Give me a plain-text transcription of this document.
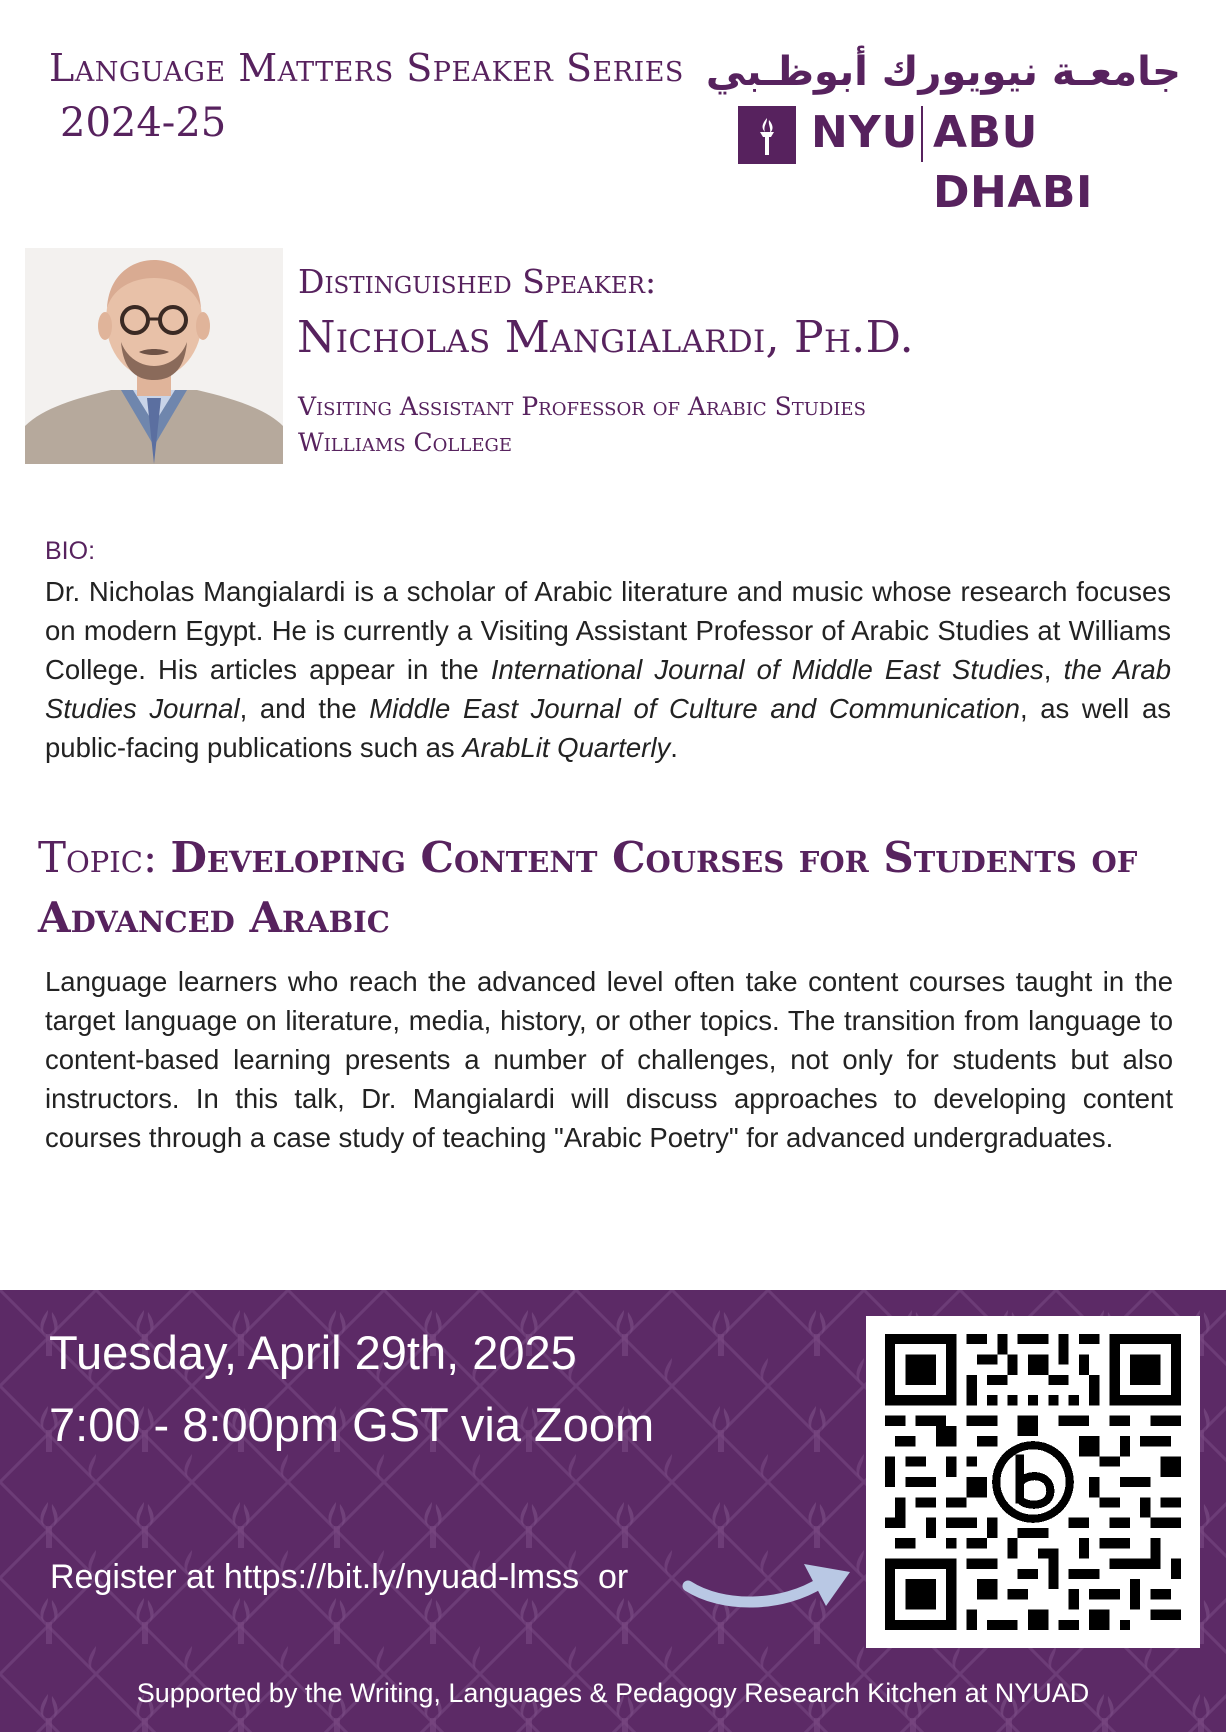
Language Matters Speaker Series
2024-25
جامعـة نيويورك أبوظـبي
NYU ABU DHABI
Distinguished Speaker:
Nicholas Mangialardi, Ph.D.
Visiting Assistant Professor of Arabic Studies
Williams College
BIO:
Dr. Nicholas Mangialardi is a scholar of Arabic literature and music whose research focuses on modern Egypt. He is currently a Visiting Assistant Professor of Arabic Studies at Williams College. His articles appear in the International Journal of Middle East Studies, the Arab Studies Journal, and the Middle East Journal of Culture and Communication, as well as public-facing publications such as ArabLit Quarterly.
Topic: Developing Content Courses for Students of Advanced Arabic
Language learners who reach the advanced level often take content courses taught in the target language on literature, media, history, or other topics. The transition from language to content-based learning presents a number of challenges, not only for students but also instructors. In this talk, Dr. Mangialardi will discuss approaches to developing content courses through a case study of teaching "Arabic Poetry" for advanced undergraduates.
Tuesday, April 29th, 2025
7:00 - 8:00pm GST via Zoom
Register at https://bit.ly/nyuad-lmss  or
Supported by the Writing, Languages & Pedagogy Research Kitchen at NYUAD
